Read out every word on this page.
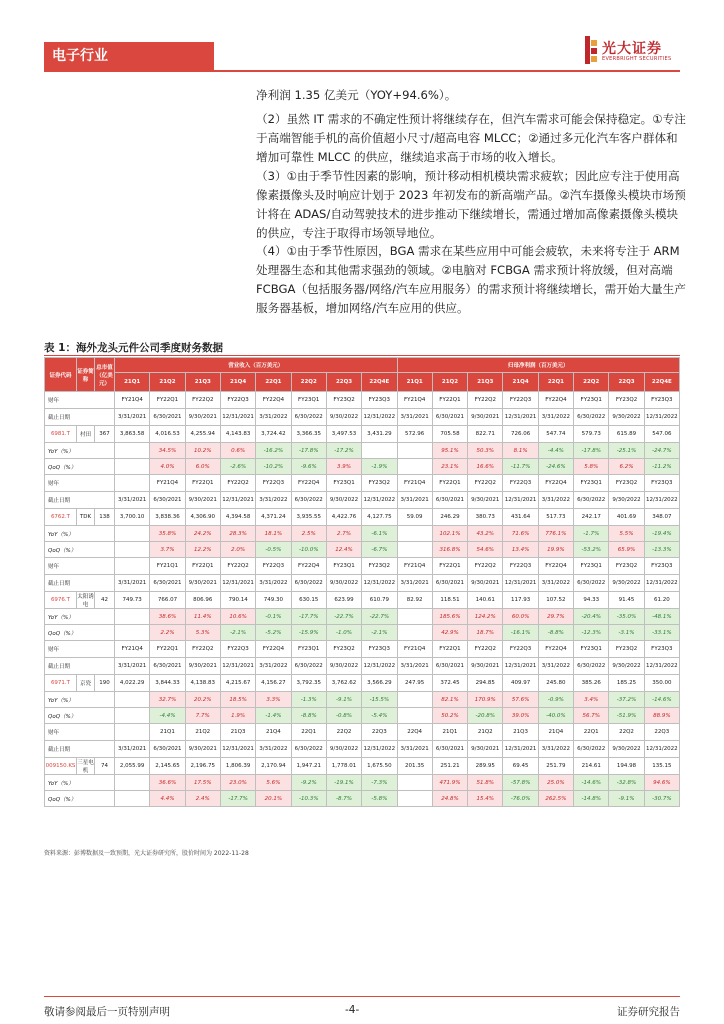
电子行业	光大证券
EVERBRIGHT SECURITIES

净利润 1.35 亿美元（YOY+94.6%）。

（2）虽然 IT 需求的不确定性预计将继续存在，但汽车需求可能会保持稳定。①专注于高端智能手机的高价值超小尺寸/超高电容 MLCC；②通过多元化汽车客户群体和增加可靠性 MLCC 的供应，继续追求高于市场的收入增长。

（3）①由于季节性因素的影响，预计移动相机模块需求疲软；因此应专注于使用高像素摄像头及时响应计划于 2023 年初发布的新高端产品。②汽车摄像头模块市场预计将在 ADAS/自动驾驶技术的进步推动下继续增长，需通过增加高像素摄像头模块的供应，专注于取得市场领导地位。

（4）①由于季节性原因，BGA 需求在某些应用中可能会疲软，未来将专注于 ARM 处理器生态和其他需求强劲的领域。②电脑对 FCBGA 需求预计将放缓，但对高端 FCBGA（包括服务器/网络/汽车应用服务）的需求预计将继续增长，需开始大量生产服务器基板，增加网络/汽车应用的供应。

表 1：海外龙头元件公司季度财务数据
证券代码	证券简称	总市值（亿美元）	营业收入（百万美元）								归母净利润（百万美元）							
			21Q1	21Q2	21Q3	21Q4	22Q1	22Q2	22Q3	22Q4E	21Q1	21Q2	21Q3	21Q4	22Q1	22Q2	22Q3	22Q4E
财年			FY21Q4	FY22Q1	FY22Q2	FY22Q3	FY22Q4	FY23Q1	FY23Q2	FY23Q3	FY21Q4	FY22Q1	FY22Q2	FY22Q3	FY22Q4	FY23Q1	FY23Q2	FY23Q3
截止日期			3/31/2021	6/30/2021	9/30/2021	12/31/2021	3/31/2022	6/30/2022	9/30/2022	12/31/2022	3/31/2021	6/30/2021	9/30/2021	12/31/2021	3/31/2022	6/30/2022	9/30/2022	12/31/2022
6981.T	村田	367	3,863.58	4,016.53	4,255.94	4,143.83	3,724.42	3,366.35	3,497.53	3,431.29	572.96	705.58	822.71	726.06	547.74	579.73	615.89	547.06
YoY（%）				34.5%	10.2%	0.6%	-16.2%	-17.8%	-17.2%			95.1%	50.3%	8.1%	-4.4%	-17.8%	-25.1%	-24.7%
QoQ（%）				4.0%	6.0%	-2.6%	-10.2%	-9.6%	3.9%	-1.9%		23.1%	16.6%	-11.7%	-24.6%	5.8%	6.2%	-11.2%
财年				FY21Q4	FY22Q1	FY22Q2	FY22Q3	FY22Q4	FY23Q1	FY23Q2	FY21Q4	FY22Q1	FY22Q2	FY22Q3	FY22Q4	FY23Q1	FY23Q2	FY23Q3
截止日期			3/31/2021	6/30/2021	9/30/2021	12/31/2021	3/31/2022	6/30/2022	9/30/2022	12/31/2022	3/31/2021	6/30/2021	9/30/2021	12/31/2021	3/31/2022	6/30/2022	9/30/2022	12/31/2022
6762.T	TDK	138	3,700.10	3,838.36	4,306.90	4,394.58	4,371.24	3,935.55	4,422.76	4,127.75	59.09	246.29	380.73	431.64	517.73	242.17	401.69	348.07
YoY（%）				35.8%	24.2%	28.3%	18.1%	2.5%	2.7%	-6.1%		102.1%	43.2%	71.6%	776.1%	-1.7%	5.5%	-19.4%
QoQ（%）				3.7%	12.2%	2.0%	-0.5%	-10.0%	12.4%	-6.7%		316.8%	54.6%	13.4%	19.9%	-53.2%	65.9%	-13.3%
财年				FY21Q1	FY22Q1	FY22Q2	FY22Q3	FY22Q4	FY23Q1	FY23Q2	FY21Q4	FY22Q1	FY22Q2	FY22Q3	FY22Q4	FY23Q1	FY23Q2	FY23Q3
截止日期			3/31/2021	6/30/2021	9/30/2021	12/31/2021	3/31/2022	6/30/2022	9/30/2022	12/31/2022	3/31/2021	6/30/2021	9/30/2021	12/31/2021	3/31/2022	6/30/2022	9/30/2022	12/31/2022
6976.T	太阳诱电	42	749.73	766.07	806.96	790.14	749.30	630.15	623.99	610.79	82.92	118.51	140.61	117.93	107.52	94.33	91.45	61.20
YoY（%）				38.6%	11.4%	10.6%	-0.1%	-17.7%	-22.7%	-22.7%		185.6%	124.2%	60.0%	29.7%	-20.4%	-35.0%	-48.1%
QoQ（%）				2.2%	5.3%	-2.1%	-5.2%	-15.9%	-1.0%	-2.1%		42.9%	18.7%	-16.1%	-8.8%	-12.3%	-3.1%	-33.1%
财年			FY21Q4	FY22Q1	FY22Q2	FY22Q3	FY22Q4	FY23Q1	FY23Q2	FY23Q3	FY21Q4	FY22Q1	FY22Q2	FY22Q3	FY22Q4	FY23Q1	FY23Q2	FY23Q3
截止日期			3/31/2021	6/30/2021	9/30/2021	12/31/2021	3/31/2022	6/30/2022	9/30/2022	12/31/2022	3/31/2021	6/30/2021	9/30/2021	12/31/2021	3/31/2022	6/30/2022	9/30/2022	12/31/2022
6971.T	京瓷	190	4,022.29	3,844.33	4,138.83	4,215.67	4,156.27	3,792.35	3,762.62	3,566.29	247.95	372.45	294.85	409.97	245.80	385.26	185.25	350.00
YoY（%）				32.7%	20.2%	18.5%	3.3%	-1.3%	-9.1%	-15.5%		82.1%	170.9%	57.6%	-0.9%	3.4%	-37.2%	-14.6%
QoQ（%）				-4.4%	7.7%	1.9%	-1.4%	-8.8%	-0.8%	-5.4%		50.2%	-20.8%	39.0%	-40.0%	56.7%	-51.9%	88.9%
财年				21Q1	21Q2	21Q3	21Q4	22Q1	22Q2	22Q3	22Q4	21Q1	21Q2	21Q3	21Q4	22Q1	22Q2	22Q3
截止日期			3/31/2021	6/30/2021	9/30/2021	12/31/2021	3/31/2022	6/30/2022	9/30/2022	12/31/2022	3/31/2021	6/30/2021	9/30/2021	12/31/2021	3/31/2022	6/30/2022	9/30/2022	12/31/2022
009150.KS	三星电机	74	2,055.99	2,145.65	2,196.75	1,806.39	2,170.94	1,947.21	1,778.01	1,675.50	201.35	251.21	289.95	69.45	251.79	214.61	194.98	135.15
YoY（%）				36.6%	17.5%	23.0%	5.6%	-9.2%	-19.1%	-7.3%		471.9%	51.8%	-57.8%	25.0%	-14.6%	-32.8%	94.6%
QoQ（%）				4.4%	2.4%	-17.7%	20.1%	-10.3%	-8.7%	-5.8%		24.8%	15.4%	-76.0%	262.5%	-14.8%	-9.1%	-30.7%
资料来源：彭博数据及一致预期，光大证券研究所，股价时间为 2022-11-28
敬请参阅最后一页特别声明	-4-	证券研究报告
